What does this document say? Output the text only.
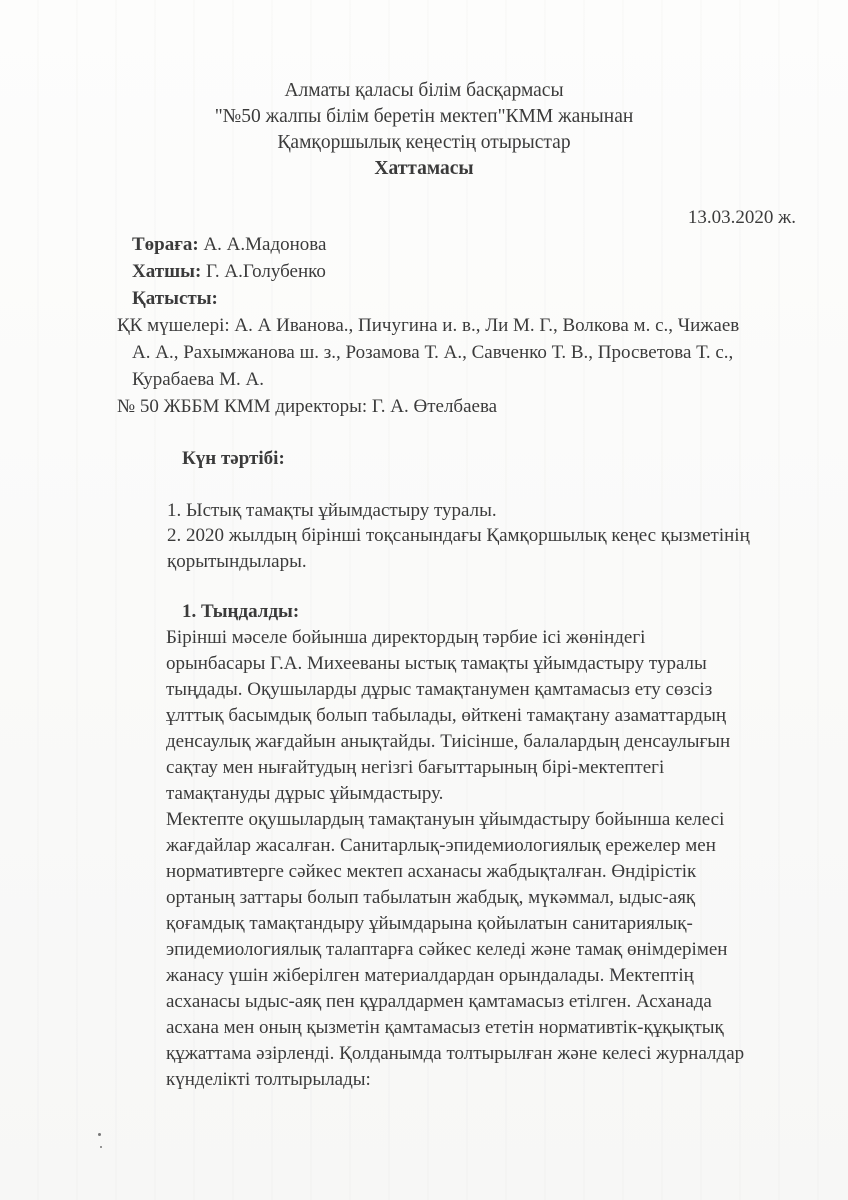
Алматы қаласы білім басқармасы
"№50 жалпы білім беретін мектеп"КММ жанынан
Қамқоршылық кеңестің отырыстар
Хаттамасы
13.03.2020 ж.
Төрағa: А. А.Мадонова
Хатшы: Г. А.Голубенко
Қатысты:
ҚК мүшелері: А. А Иванова., Пичугина и. в., Ли М. Г., Волкова м. с., Чижаев
А. А., Рахымжанова ш. з., Розамова Т. А., Савченко Т. В., Просветова Т. с.,
Курабаева М. А.
№ 50 ЖББМ КММ директоры: Г. А. Өтелбаева
Күн тәртібі:
1. Ыстық тамақты ұйымдастыру туралы.
2. 2020 жылдың бірінші тоқсанындағы Қамқоршылық кеңес қызметінің
қорытындылары.
1. Тыңдалды:
Бірінші мәселе бойынша директордың тәрбие ісі жөніндегі
орынбасары Г.А. Михееваны ыстық тамақты ұйымдастыру туралы
тыңдады. Оқушыларды дұрыс тамақтанумен қамтамасыз ету сөзсіз
ұлттық басымдық болып табылады, өйткені тамақтану азаматтардың
денсаулық жағдайын анықтайды. Тиісінше, балалардың денсаулығын
сақтау мен нығайтудың негізгі бағыттарының бірі-мектептегі
тамақтануды дұрыс ұйымдастыру.
Мектепте оқушылардың тамақтануын ұйымдастыру бойынша келесі
жағдайлар жасалған. Санитарлық-эпидемиологиялық ережелер мен
нормативтерге сәйкес мектеп асханасы жабдықталған. Өндірістік
ортаның заттары болып табылатын жабдық, мүкәммал, ыдыс-аяқ
қоғамдық тамақтандыру ұйымдарына қойылатын санитариялық-
эпидемиологиялық талаптарға сәйкес келеді және тамақ өнімдерімен
жанасу үшін жіберілген материалдардан орындалады. Мектептің
асханасы ыдыс-аяқ пен құралдармен қамтамасыз етілген. Асханада
асхана мен оның қызметін қамтамасыз ететін нормативтік-құқықтық
құжаттама әзірленді. Қолданымда толтырылған және келесі журналдар
күнделікті толтырылады:
